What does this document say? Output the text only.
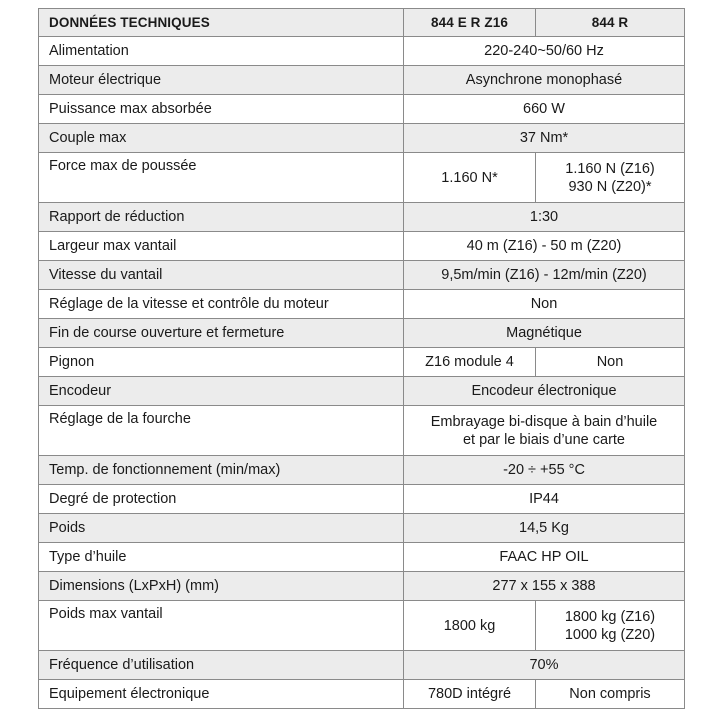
DONNÉES TECHNIQUES	844 E R Z16	844 R
Alimentation	220-240~50/60 Hz	
Moteur électrique	Asynchrone monophasé	
Puissance max absorbée	660 W	
Couple max	37 Nm*	
Force max de poussée	1.160 N*	1.160 N (Z16)
930 N (Z20)*

Rapport de réduction	1:30	
Largeur max vantail	40 m (Z16) - 50 m (Z20)	
Vitesse du vantail	9,5m/min (Z16) - 12m/min (Z20)	
Réglage de la vitesse et contrôle du moteur	Non	
Fin de course ouverture et fermeture	Magnétique	
Pignon	Z16 module 4	Non
Encodeur	Encodeur électronique	
Réglage de la fourche	Embrayage bi-disque à bain d’huile
et par le biais d’une carte	

Temp. de fonctionnement (min/max)	-20 ÷ +55 °C	
Degré de protection	IP44	
Poids	14,5 Kg	
Type d’huile	FAAC HP OIL	
Dimensions (LxPxH) (mm)	277 x 155 x 388	
Poids max vantail	1800 kg	1800 kg (Z16)
1000 kg (Z20)

Fréquence d’utilisation	70%	
Equipement électronique	780D intégré	Non compris
